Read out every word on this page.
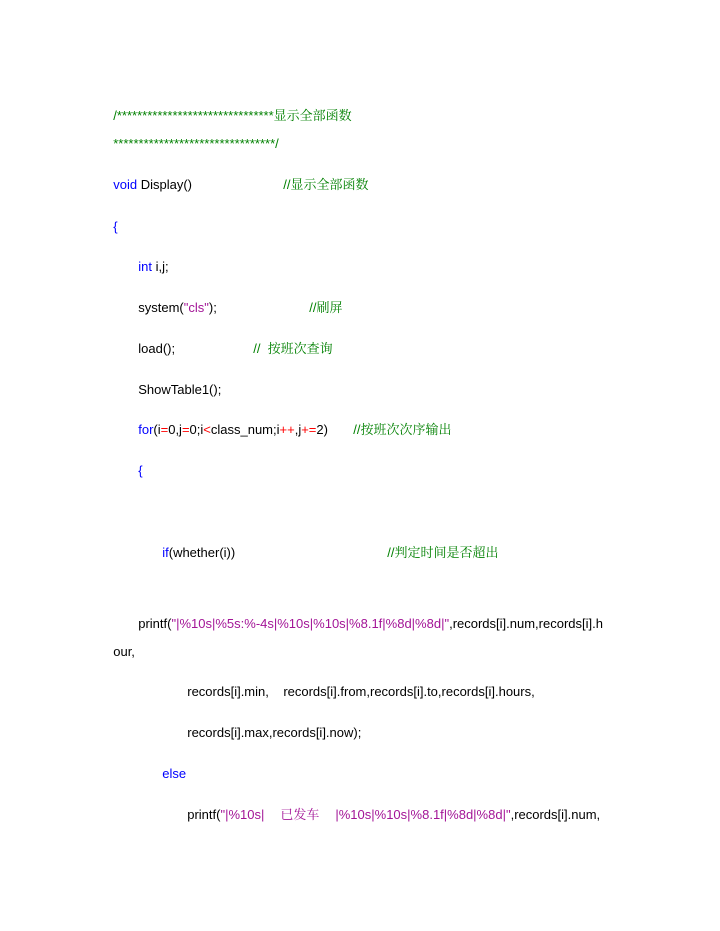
/*******************************显示全部函数

********************************/

void Display()	//显示全部函数

{

int i,j;

system("cls");	//刷屏

load();	//  按班次查询

ShowTable1();

for(i=0,j=0;i<class_num;i++,j+=2)	//按班次次序输出

{

if(whether(i))	//判定时间是否超出

printf("|%10s|%5s:%-4s|%10s|%10s|%8.1f|%8d|%8d|",records[i].num,records[i].h

our,

records[i].min,    records[i].from,records[i].to,records[i].hours,

records[i].max,records[i].now);

else

printf("|%10s| 已发车 |%10s|%10s|%8.1f|%8d|%8d|",records[i].num,
